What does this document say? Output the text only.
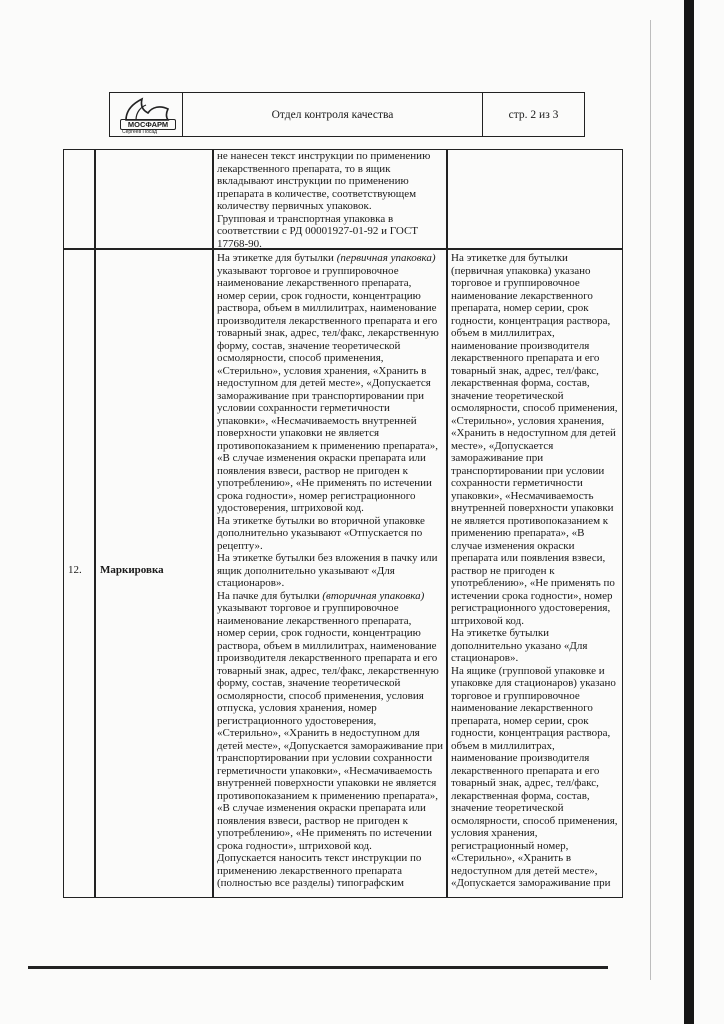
МОСФАРМ
Сергеев Посад
Отдел контроля качества	стр. 2 из 3
не нанесен текст инструкции по применению
лекарственного препарата, то в ящик
вкладывают инструкции по применению
препарата в количестве, соответствующем
количеству первичных упаковок.
Групповая и транспортная упаковка в
соответствии с РД 00001927-01-92 и ГОСТ
17768-90.
12. Маркировка
На этикетке для бутылки (первичная упаковка)
указывают торговое и группировочное
наименование лекарственного препарата,
номер серии, срок годности, концентрацию
раствора, объем в миллилитрах, наименование
производителя лекарственного препарата и его
товарный знак, адрес, тел/факс, лекарственную
форму, состав, значение теоретической
осмолярности, способ применения,
«Стерильно», условия хранения, «Хранить в
недоступном для детей месте», «Допускается
замораживание при транспортировании при
условии сохранности герметичности
упаковки», «Несмачиваемость внутренней
поверхности упаковки не является
противопоказанием к применению препарата»,
«В случае изменения окраски препарата или
появления взвеси, раствор не пригоден к
употреблению», «Не применять по истечении
срока годности», номер регистрационного
удостоверения, штриховой код.
На этикетке бутылки во вторичной упаковке
дополнительно указывают «Отпускается по
рецепту».
На этикетке бутылки без вложения в пачку или
ящик дополнительно указывают «Для
стационаров».
На пачке для бутылки (вторичная упаковка)
указывают торговое и группировочное
наименование лекарственного препарата,
номер серии, срок годности, концентрацию
раствора, объем в миллилитрах, наименование
производителя лекарственного препарата и его
товарный знак, адрес, тел/факс, лекарственную
форму, состав, значение теоретической
осмолярности, способ применения, условия
отпуска, условия хранения, номер
регистрационного удостоверения,
«Стерильно», «Хранить в недоступном для
детей месте», «Допускается замораживание при
транспортировании при условии сохранности
герметичности упаковки», «Несмачиваемость
внутренней поверхности упаковки не является
противопоказанием к применению препарата»,
«В случае изменения окраски препарата или
появления взвеси, раствор не пригоден к
употреблению», «Не применять по истечении
срока годности», штриховой код.
Допускается наносить текст инструкции по
применению лекарственного препарата
(полностью все разделы) типографским
На этикетке для бутылки
(первичная упаковка) указано
торговое и группировочное
наименование лекарственного
препарата, номер серии, срок
годности, концентрация раствора,
объем в миллилитрах,
наименование производителя
лекарственного препарата и его
товарный знак, адрес, тел/факс,
лекарственная форма, состав,
значение теоретической
осмолярности, способ применения,
«Стерильно», условия хранения,
«Хранить в недоступном для детей
месте», «Допускается
замораживание при
транспортировании при условии
сохранности герметичности
упаковки», «Несмачиваемость
внутренней поверхности упаковки
не является противопоказанием к
применению препарата», «В
случае изменения окраски
препарата или появления взвеси,
раствор не пригоден к
употреблению», «Не применять по
истечении срока годности», номер
регистрационного удостоверения,
штриховой код.
На этикетке бутылки
дополнительно указано «Для
стационаров».
На ящике (групповой упаковке и
упаковке для стационаров) указано
торговое и группировочное
наименование лекарственного
препарата, номер серии, срок
годности, концентрация раствора,
объем в миллилитрах,
наименование производителя
лекарственного препарата и его
товарный знак, адрес, тел/факс,
лекарственная форма, состав,
значение теоретической
осмолярности, способ применения,
условия хранения,
регистрационный номер,
«Стерильно», «Хранить в
недоступном для детей месте»,
«Допускается замораживание при
